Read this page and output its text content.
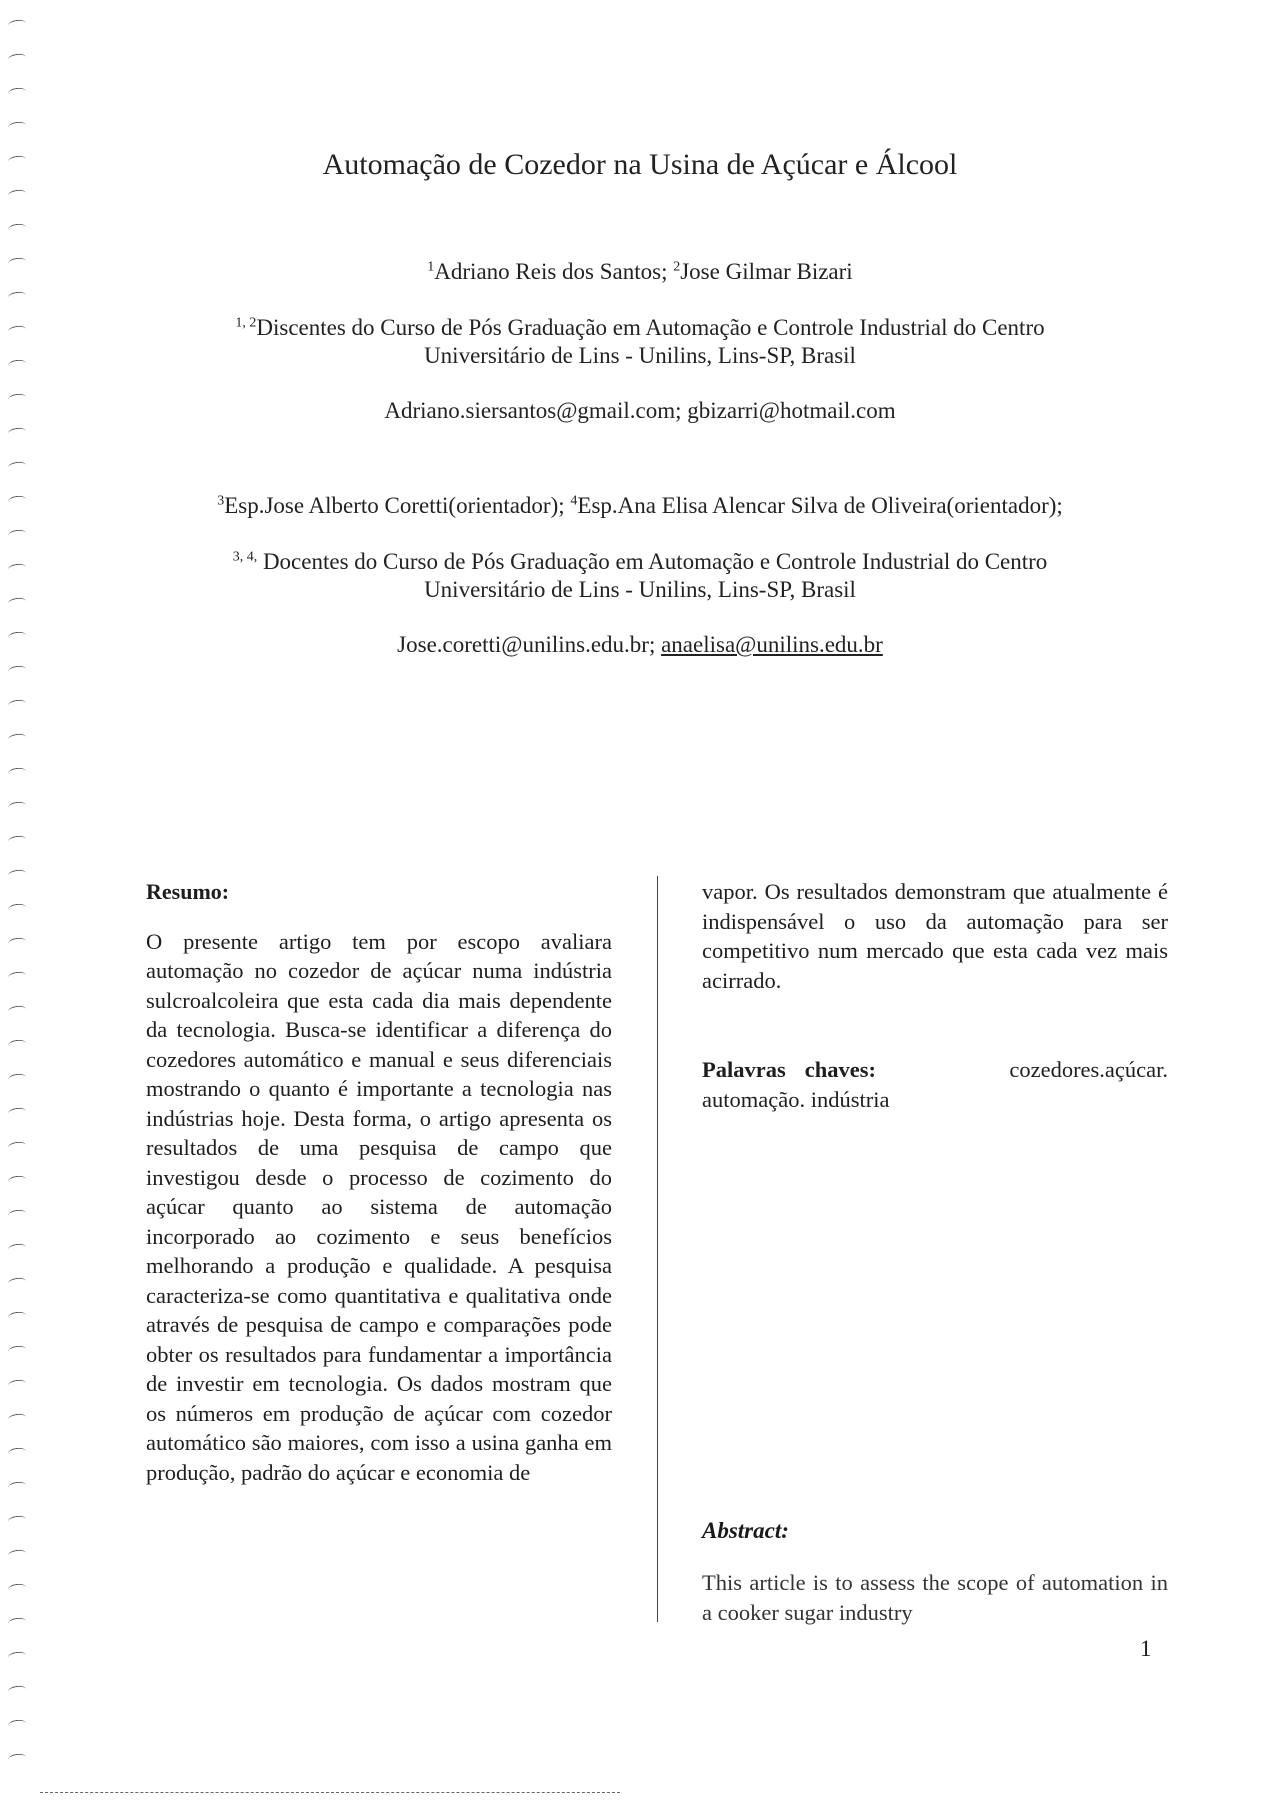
Automação de Cozedor na Usina de Açúcar e Álcool
$^1$Adriano Reis dos Santos; $^2$Jose Gilmar Bizari
$^{1, 2}$Discentes do Curso de Pós Graduação em Automação e Controle Industrial do Centro
Universitário de Lins - Unilins, Lins-SP, Brasil
Adriano.siersantos@gmail.com; gbizarri@hotmail.com
$^3$Esp.Jose Alberto Coretti(orientador); $^4$Esp.Ana Elisa Alencar Silva de Oliveira(orientador);
$^{3, 4,}$ Docentes do Curso de Pós Graduação em Automação e Controle Industrial do Centro
Universitário de Lins - Unilins, Lins-SP, Brasil
Jose.coretti@unilins.edu.br; anaelisa@unilins.edu.br
Resumo:

O presente artigo tem por escopo avaliara automação no cozedor de açúcar numa indústria sulcroalcoleira que esta cada dia mais dependente da tecnologia. Busca-se identificar a diferença do cozedores automático e manual e seus diferenciais mostrando o quanto é importante a tecnologia nas indústrias hoje. Desta forma, o artigo apresenta os resultados de uma pesquisa de campo que investigou desde o processo de cozimento do açúcar quanto ao sistema de automação incorporado ao cozimento e seus benefícios melhorando a produção e qualidade. A pesquisa caracteriza-se como quantitativa e qualitativa onde através de pesquisa de campo e comparações pode obter os resultados para fundamentar a importância de investir em tecnologia. Os dados mostram que os números em produção de açúcar com cozedor automático são maiores, com isso a usina ganha em produção, padrão do açúcar e economia de

vapor. Os resultados demonstram que atualmente é indispensável o uso da automação para ser competitivo num mercado que esta cada vez mais acirrado.

Palavras chaves:	cozedores.açúcar. automação. indústria

Abstract:
This article is to assess the scope of automation in a cooker sugar industry
1
